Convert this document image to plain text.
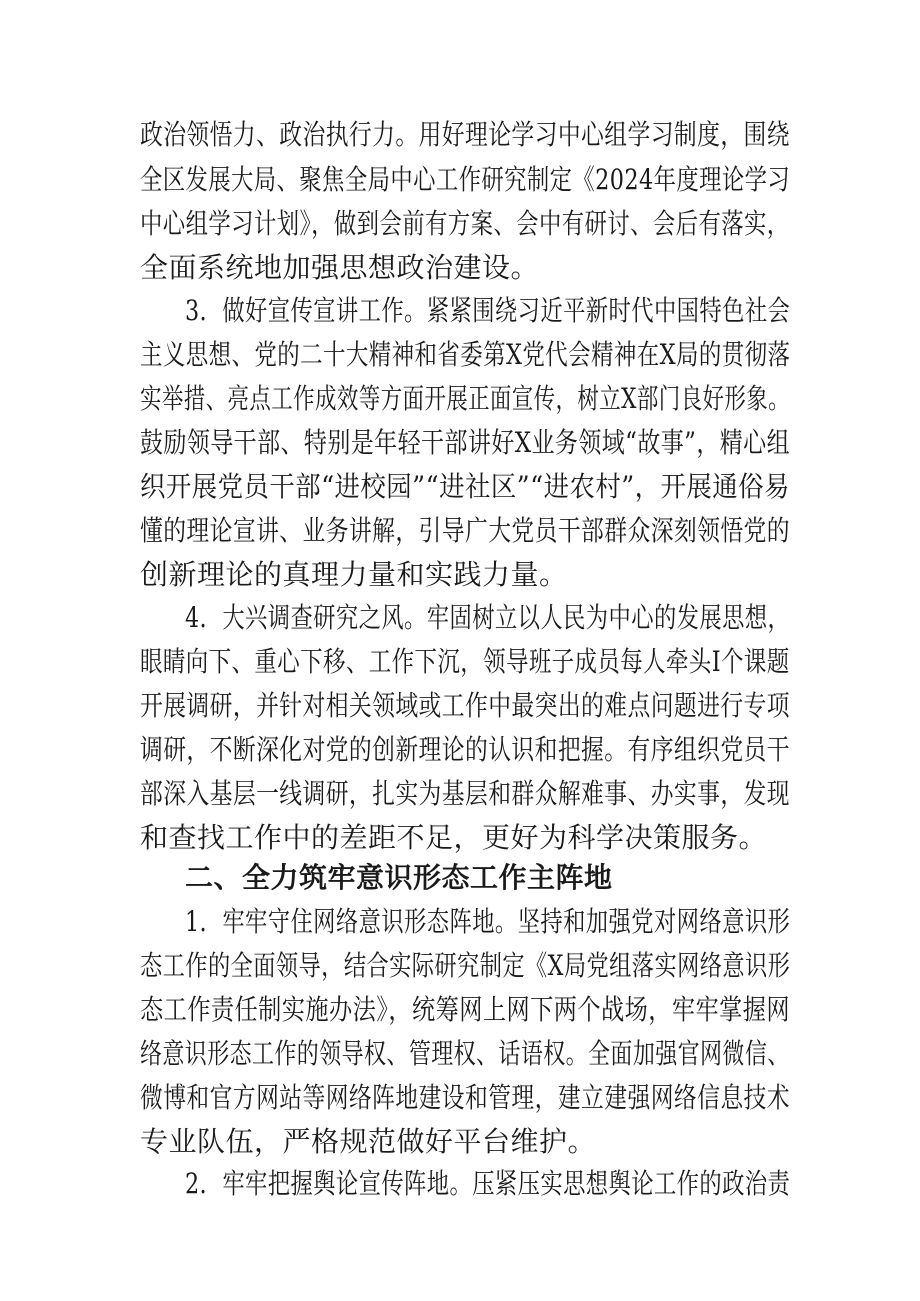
政治领悟力、政治执行力。用好理论学习中心组学习制度，围绕
全区发展大局、聚焦全局中心工作研究制定《2024年度理论学习
中心组学习计划》，做到会前有方案、会中有研讨、会后有落实，
全面系统地加强思想政治建设。
3．做好宣传宣讲工作。紧紧围绕习近平新时代中国特色社会
主义思想、党的二十大精神和省委第X党代会精神在X局的贯彻落
实举措、亮点工作成效等方面开展正面宣传，树立X部门良好形象。
鼓励领导干部、特别是年轻干部讲好X业务领域“故事”，精心组
织开展党员干部“进校园”“进社区”“进农村”，开展通俗易
懂的理论宣讲、业务讲解，引导广大党员干部群众深刻领悟党的
创新理论的真理力量和实践力量。
4．大兴调查研究之风。牢固树立以人民为中心的发展思想，
眼睛向下、重心下移、工作下沉，领导班子成员每人牵头I个课题
开展调研，并针对相关领域或工作中最突出的难点问题进行专项
调研，不断深化对党的创新理论的认识和把握。有序组织党员干
部深入基层一线调研，扎实为基层和群众解难事、办实事，发现
和查找工作中的差距不足，更好为科学决策服务。
二、全力筑牢意识形态工作主阵地
1．牢牢守住网络意识形态阵地。坚持和加强党对网络意识形
态工作的全面领导，结合实际研究制定《X局党组落实网络意识形
态工作责任制实施办法》，统筹网上网下两个战场，牢牢掌握网
络意识形态工作的领导权、管理权、话语权。全面加强官网微信、
微博和官方网站等网络阵地建设和管理，建立建强网络信息技术
专业队伍，严格规范做好平台维护。
2．牢牢把握舆论宣传阵地。压紧压实思想舆论工作的政治责
